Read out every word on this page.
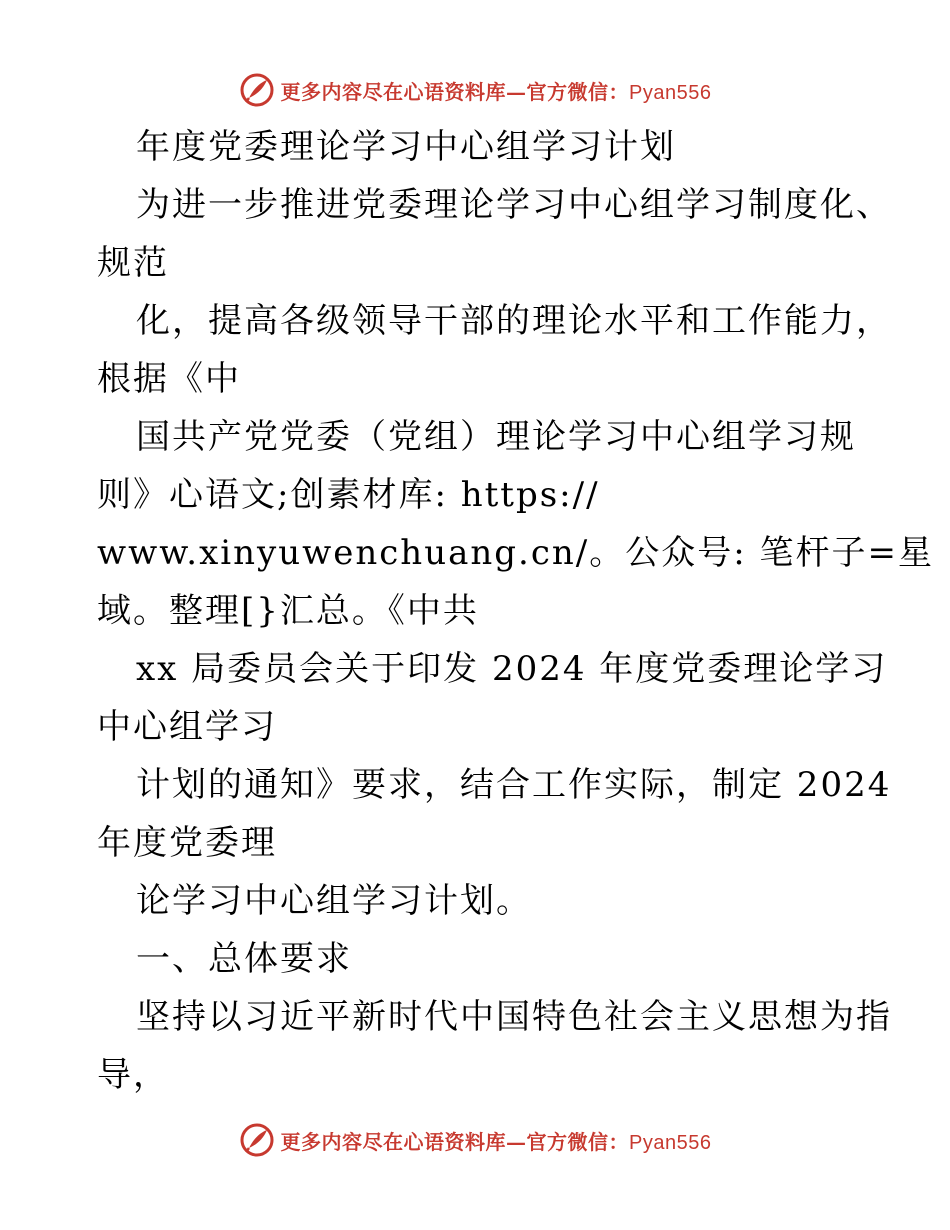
更多内容尽在心语资料库—官方微信：Pyan556
年度党委理论学习中心组学习计划
为进一步推进党委理论学习中心组学习制度化、
规范
化，提高各级领导干部的理论水平和工作能力，
根据《中
国共产党党委（党组）理论学习中心组学习规
则》心语文;创素材库: https://
www.xinyuwenchuang.cn/。公众号: 笔杆子=星
域。整理[}汇总。《中共
xx 局委员会关于印发 2024 年度党委理论学习
中心组学习
计划的通知》要求，结合工作实际，制定 2024
年度党委理
论学习中心组学习计划。
一、总体要求
坚持以习近平新时代中国特色社会主义思想为指
导，
更多内容尽在心语资料库—官方微信：Pyan556
